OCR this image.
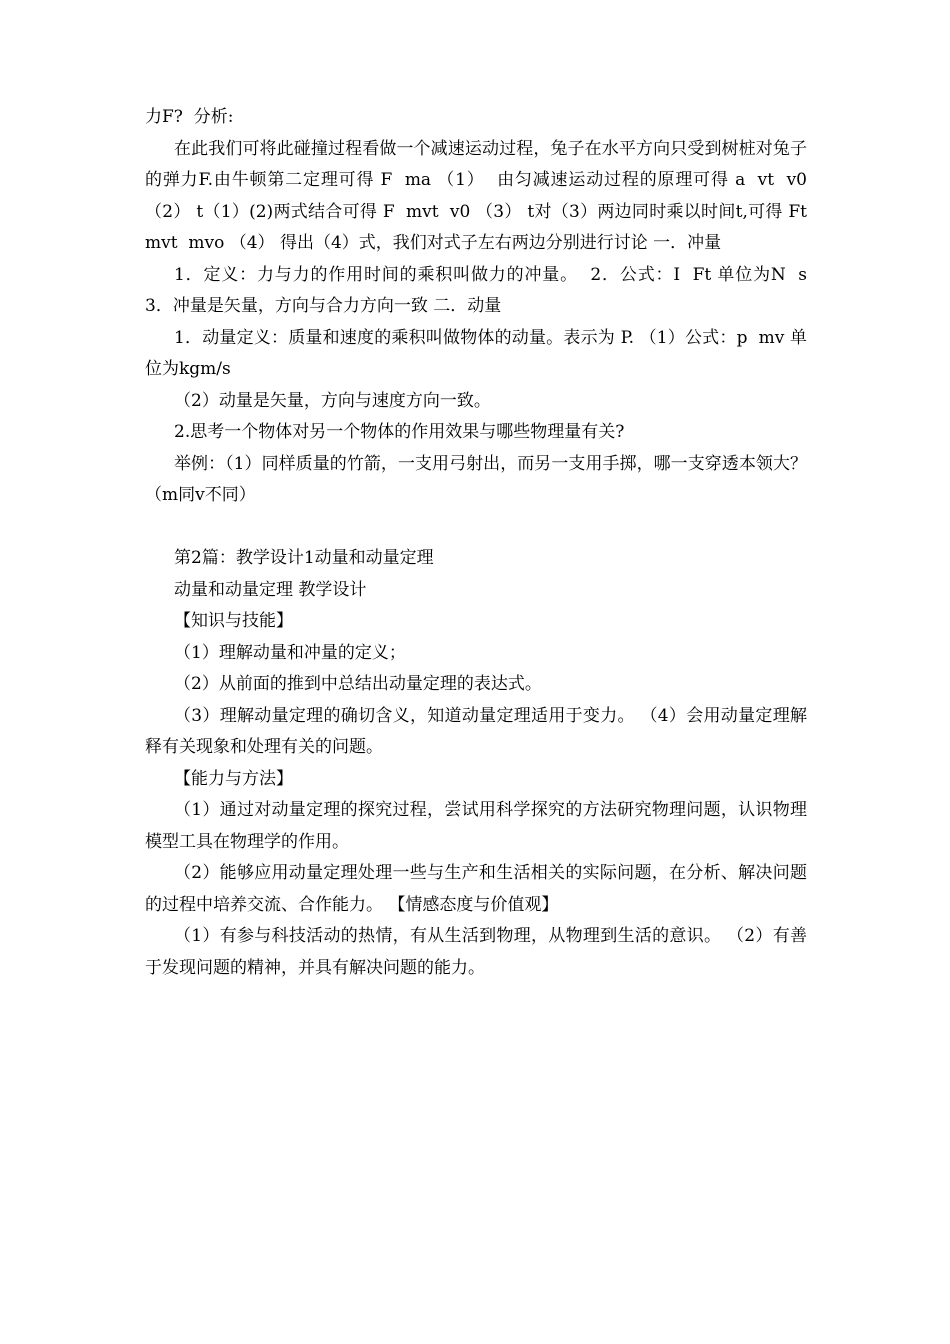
力F?  分析:

在此我们可将此碰撞过程看做一个减速运动过程，兔子在水平方向只受到树桩对兔子的弹力F.由牛顿第二定理可得 F  ma （1）  由匀减速运动过程的原理可得 a  vt  v0 （2） t（1）(2)两式结合可得 F  mvt  v0 （3） t对（3）两边同时乘以时间t,可得 Ft  mvt  mvo （4） 得出（4）式，我们对式子左右两边分别进行讨论 一．冲量

1．定义：力与力的作用时间的乘积叫做力的冲量。  2．公式：I  Ft 单位为N  s 3．冲量是矢量，方向与合力方向一致 二．动量

1．动量定义：质量和速度的乘积叫做物体的动量。表示为 P. （1）公式：p  mv 单位为kgm/s

（2）动量是矢量，方向与速度方向一致。

2.思考一个物体对另一个物体的作用效果与哪些物理量有关?

举例：（1）同样质量的竹箭，一支用弓射出，而另一支用手掷，哪一支穿透本领大？（m同v不同）

第2篇：教学设计1动量和动量定理

动量和动量定理 教学设计

【知识与技能】

（1）理解动量和冲量的定义；

（2）从前面的推到中总结出动量定理的表达式。

（3）理解动量定理的确切含义，知道动量定理适用于变力。 （4）会用动量定理解释有关现象和处理有关的问题。

【能力与方法】

（1）通过对动量定理的探究过程，尝试用科学探究的方法研究物理问题，认识物理模型工具在物理学的作用。

（2）能够应用动量定理处理一些与生产和生活相关的实际问题，在分析、解决问题的过程中培养交流、合作能力。 【情感态度与价值观】

（1）有参与科技活动的热情，有从生活到物理，从物理到生活的意识。 （2）有善于发现问题的精神，并具有解决问题的能力。
